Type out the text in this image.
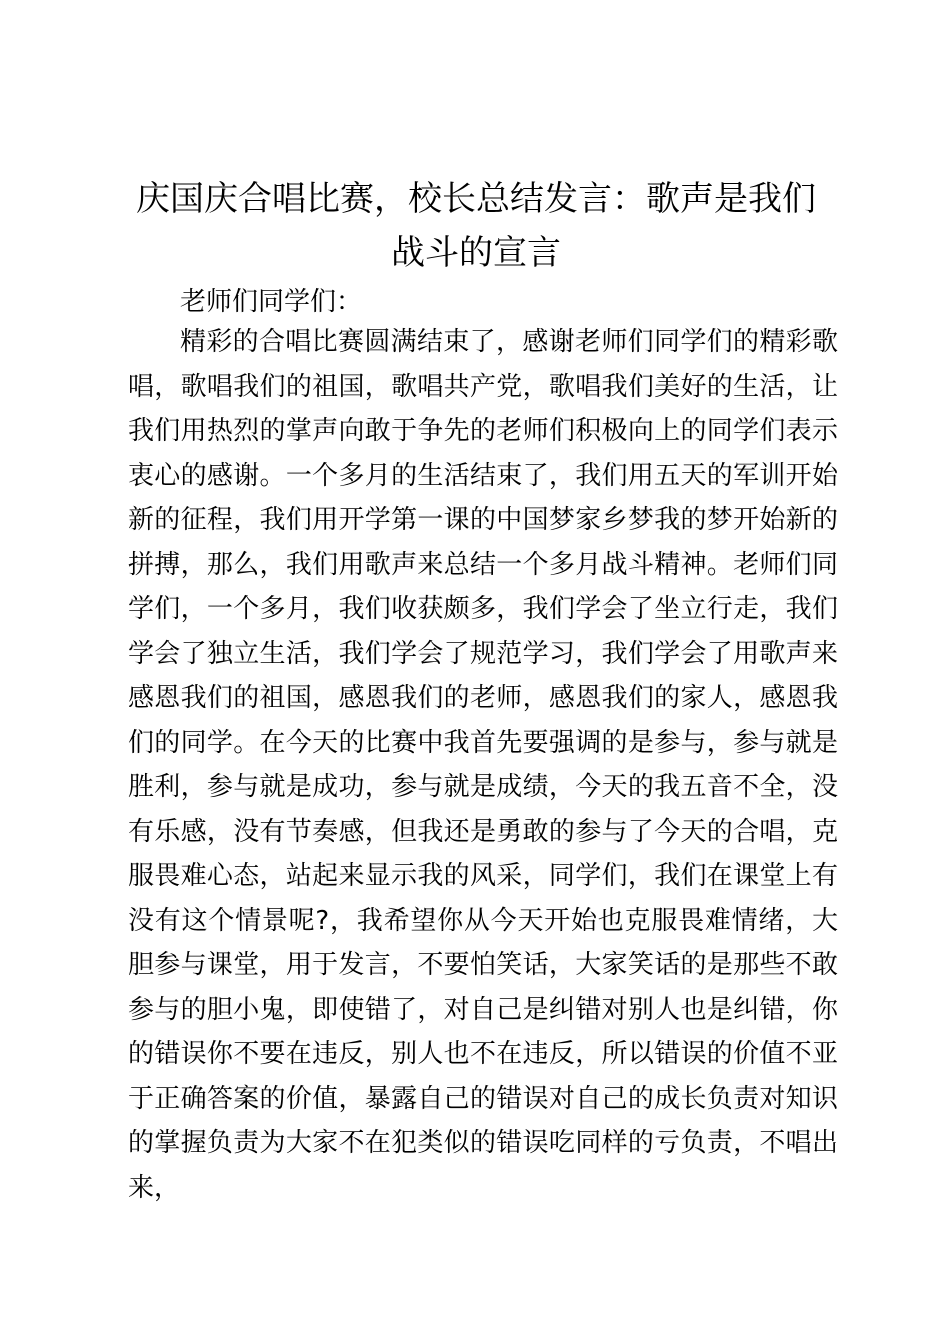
庆国庆合唱比赛，校长总结发言：歌声是我们战斗的宣言

老师们同学们：

精彩的合唱比赛圆满结束了，感谢老师们同学们的精彩歌唱，歌唱我们的祖国，歌唱共产党，歌唱我们美好的生活，让我们用热烈的掌声向敢于争先的老师们积极向上的同学们表示衷心的感谢。一个多月的生活结束了，我们用五天的军训开始新的征程，我们用开学第一课的中国梦家乡梦我的梦开始新的拼搏，那么，我们用歌声来总结一个多月战斗精神。老师们同学们，一个多月，我们收获颇多，我们学会了坐立行走，我们学会了独立生活，我们学会了规范学习，我们学会了用歌声来感恩我们的祖国，感恩我们的老师，感恩我们的家人，感恩我们的同学。在今天的比赛中我首先要强调的是参与，参与就是胜利，参与就是成功，参与就是成绩，今天的我五音不全，没有乐感，没有节奏感，但我还是勇敢的参与了今天的合唱，克服畏难心态，站起来显示我的风采，同学们，我们在课堂上有没有这个情景呢?，我希望你从今天开始也克服畏难情绪，大胆参与课堂，用于发言，不要怕笑话，大家笑话的是那些不敢参与的胆小鬼，即使错了，对自己是纠错对别人也是纠错，你的错误你不要在违反，别人也不在违反，所以错误的价值不亚于正确答案的价值，暴露自己的错误对自己的成长负责对知识的掌握负责为大家不在犯类似的错误吃同样的亏负责，不唱出来，
